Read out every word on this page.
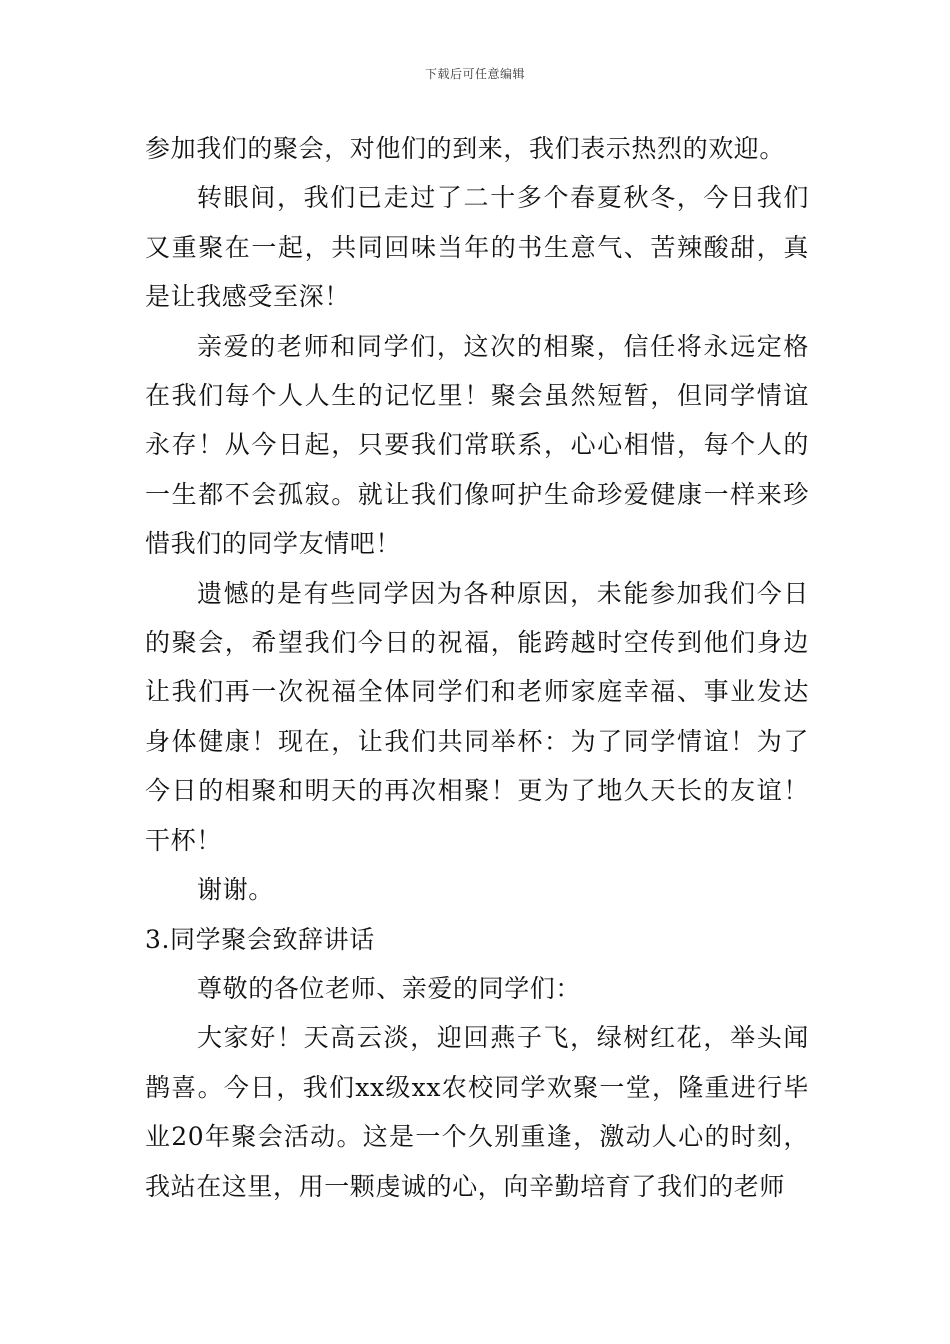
下载后可任意编辑

参加我们的聚会，对他们的到来，我们表示热烈的欢迎。

转眼间，我们已走过了二十多个春夏秋冬，今日我们又重聚在一起，共同回味当年的书生意气、苦辣酸甜，真是让我感受至深！

亲爱的老师和同学们，这次的相聚，信任将永远定格在我们每个人人生的记忆里！聚会虽然短暂，但同学情谊永存！从今日起，只要我们常联系，心心相惜，每个人的一生都不会孤寂。就让我们像呵护生命珍爱健康一样来珍惜我们的同学友情吧！

遗憾的是有些同学因为各种原因，未能参加我们今日的聚会，希望我们今日的祝福，能跨越时空传到他们身边让我们再一次祝福全体同学们和老师家庭幸福、事业发达身体健康！现在，让我们共同举杯：为了同学情谊！为了今日的相聚和明天的再次相聚！更为了地久天长的友谊！干杯！

谢谢。

3.同学聚会致辞讲话

尊敬的各位老师、亲爱的同学们：

大家好！天高云淡，迎回燕子飞，绿树红花，举头闻鹊喜。今日，我们xx级xx农校同学欢聚一堂，隆重进行毕业20年聚会活动。这是一个久别重逢，激动人心的时刻，我站在这里，用一颗虔诚的心，向辛勤培育了我们的老师
